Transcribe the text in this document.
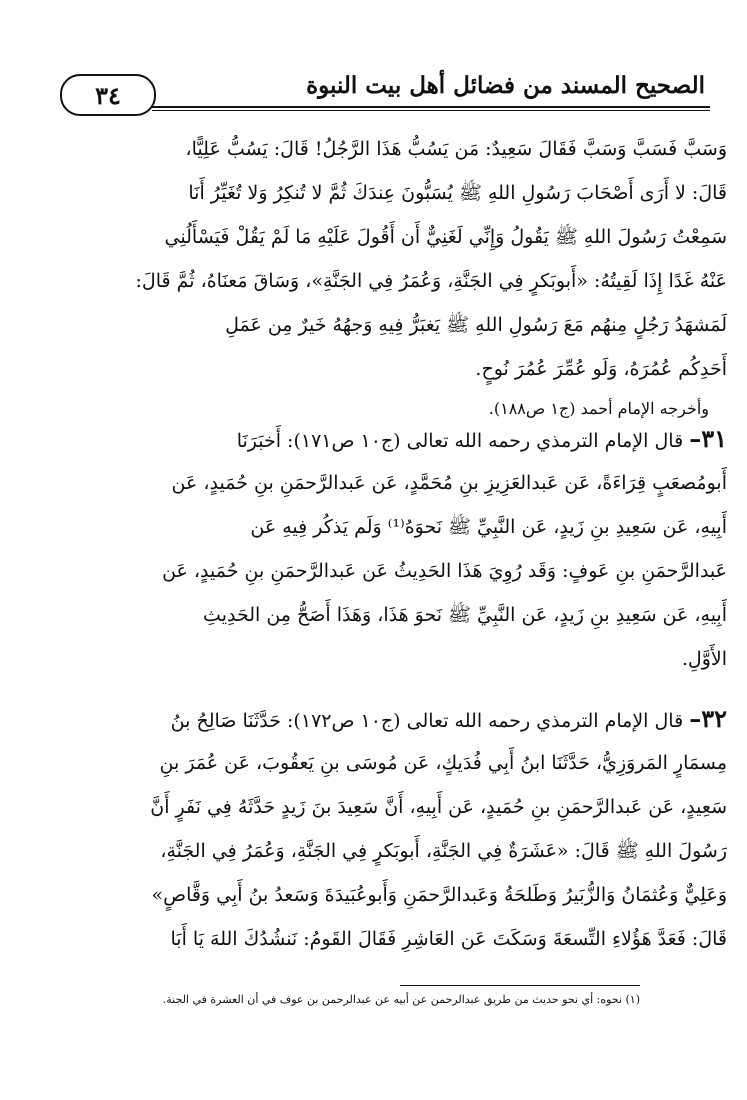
٣٤	الصحيح المسند من فضائل أهل بيت النبوة
وَسَبَّ فَسَبَّ وَسَبَّ فَقَالَ سَعِيدٌ: مَن يَسُبُّ هَذَا الرَّجُلُ! قَالَ: يَسُبُّ عَلِيًّا،
قَالَ: لا أَرَى أَصْحَابَ رَسُولِ اللهِ ﷺ يُسَبُّونَ عِندَكَ ثُمَّ لا تُنكِرُ وَلا تُغَيِّرُ أَنَا
سَمِعْتُ رَسُولَ اللهِ ﷺ يَقُولُ وَإِنِّي لَغَنِيٌّ أَن أَقُولَ عَلَيْهِ مَا لَمْ يَقُلْ فَيَسْأَلُنِي
عَنْهُ غَدًا إِذَا لَقِيتُهُ: «أَبوبَكرٍ فِي الجَنَّةِ، وَعُمَرُ فِي الجَنَّةِ»، وَسَاقَ مَعنَاهُ، ثُمَّ قَالَ:
لَمَشهَدُ رَجُلٍ مِنهُم مَعَ رَسُولِ اللهِ ﷺ يَغبَرُّ فِيهِ وَجهُهُ خَيرٌ مِن عَمَلِ
أَحَدِكُم عُمُرَهُ، وَلَو عُمِّرَ عُمُرَ نُوحٍ.
وأخرجه الإمام أحمد (ج١ ص١٨٨).
٣١– قال الإمام الترمذي رحمه الله تعالى (ج١٠ ص١٧١): أَخبَرَنَا
أَبومُصعَبٍ قِرَاءَةً، عَن عَبدالعَزِيزِ بنِ مُحَمَّدٍ، عَن عَبدالرَّحمَنِ بنِ حُمَيدٍ، عَن
أَبِيهِ، عَن سَعِيدِ بنِ زَيدٍ، عَن النَّبِيِّ ﷺ نَحوَهُ⁽¹⁾ وَلَم يَذكُر فِيهِ عَن
عَبدالرَّحمَنِ بنِ عَوفٍ: وَقَد رُوِيَ هَذَا الحَدِيثُ عَن عَبدالرَّحمَنِ بنِ حُمَيدٍ، عَن
أَبِيهِ، عَن سَعِيدِ بنِ زَيدٍ، عَن النَّبِيِّ ﷺ نَحوَ هَذَا، وَهَذَا أَصَحُّ مِن الحَدِيثِ
الأَوَّلِ.
٣٢– قال الإمام الترمذي رحمه الله تعالى (ج١٠ ص١٧٢): حَدَّثَنَا صَالِحُ بنُ
مِسمَارٍ المَروَزِيُّ، حَدَّثَنَا ابنُ أَبِي فُدَيكٍ، عَن مُوسَى بنِ يَعقُوبَ، عَن عُمَرَ بنِ
سَعِيدٍ، عَن عَبدالرَّحمَنِ بنِ حُمَيدٍ، عَن أَبِيهِ، أَنَّ سَعِيدَ بنَ زَيدٍ حَدَّثَهُ فِي نَفَرٍ أَنَّ
رَسُولَ اللهِ ﷺ قَالَ: «عَشَرَةٌ فِي الجَنَّةِ، أَبوبَكرٍ فِي الجَنَّةِ، وَعُمَرُ فِي الجَنَّةِ،
وَعَلِيٌّ وَعُثمَانُ وَالزُّبَيرُ وَطَلحَةُ وَعَبدالرَّحمَنِ وَأَبوعُبَيدَةَ وَسَعدُ بنُ أَبِي وَقَّاصٍ»
قَالَ: فَعَدَّ هَؤُلاءِ التِّسعَةَ وَسَكَتَ عَن العَاشِرِ فَقَالَ القَومُ: نَنشُدُكَ اللهَ يَا أَبَا
(١) نحوه: أي نحو حديث من طريق عبدالرحمن عن أبيه عن عبدالرحمن بن عوف في أن العشرة في الجنة.
